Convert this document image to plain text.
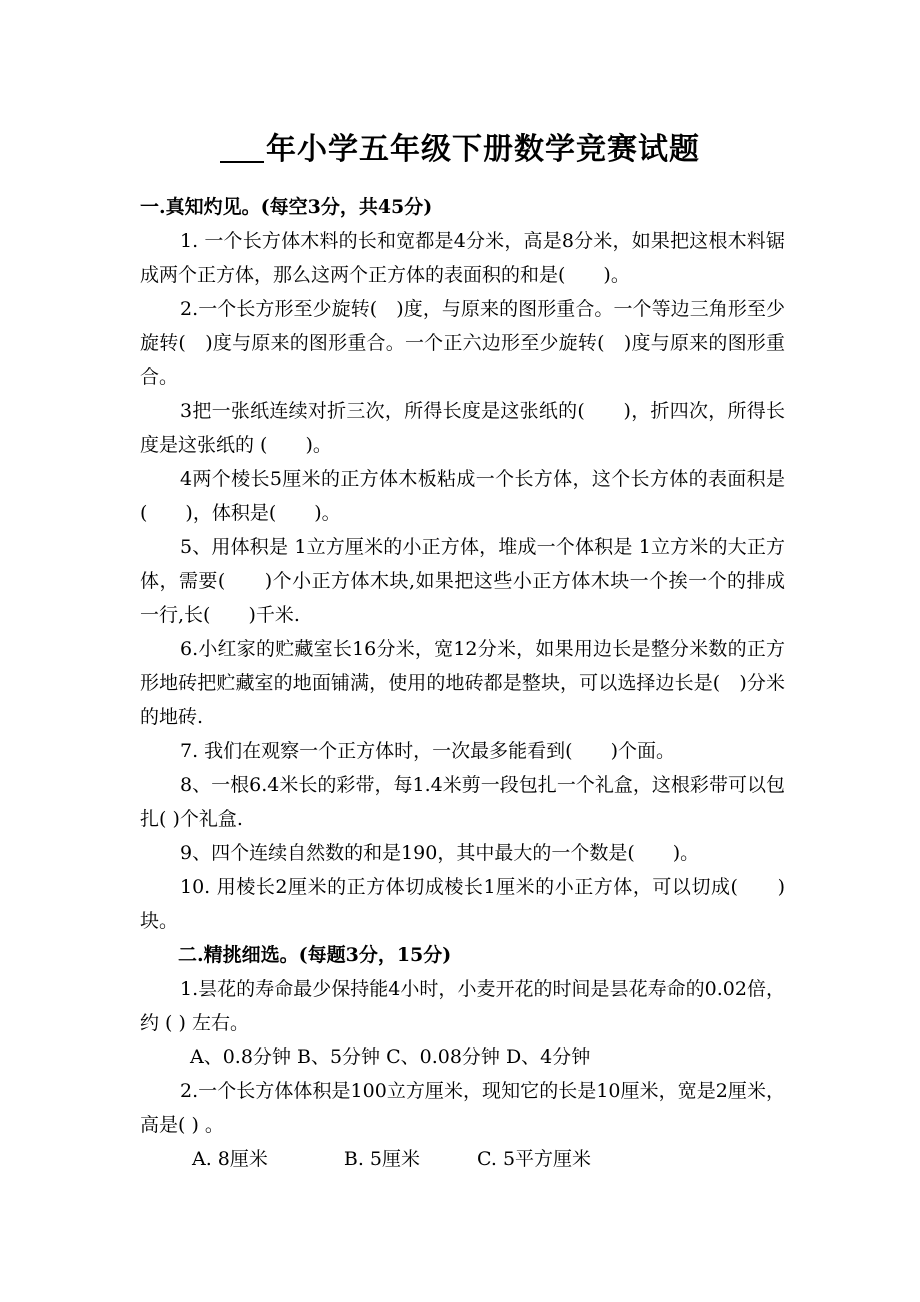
年小学五年级下册数学竞赛试题

一.真知灼见。(每空3分，共45分)

1. 一个长方体木料的长和宽都是4分米，高是8分米，如果把这根木料锯成两个正方体，那么这两个正方体的表面积的和是(　　)。

2.一个长方形至少旋转(　)度，与原来的图形重合。一个等边三角形至少旋转(　)度与原来的图形重合。一个正六边形至少旋转(　)度与原来的图形重合。

3把一张纸连续对折三次，所得长度是这张纸的(　　)，折四次，所得长度是这张纸的 (　　)。

4两个棱长5厘米的正方体木板粘成一个长方体，这个长方体的表面积是(　　)，体积是(　　)。

5、用体积是 1立方厘米的小正方体，堆成一个体积是 1立方米的大正方体，需要(　　)个小正方体木块,如果把这些小正方体木块一个挨一个的排成一行,长(　　)千米.

6.小红家的贮藏室长16分米，宽12分米，如果用边长是整分米数的正方形地砖把贮藏室的地面铺满，使用的地砖都是整块，可以选择边长是(　)分米的地砖.

7. 我们在观察一个正方体时，一次最多能看到(　　)个面。

8、一根6.4米长的彩带，每1.4米剪一段包扎一个礼盒，这根彩带可以包扎( )个礼盒.

9、四个连续自然数的和是190，其中最大的一个数是(　　)。

10. 用棱长2厘米的正方体切成棱长1厘米的小正方体，可以切成(　　)块。

二.精挑细选。(每题3分，15分)

1.昙花的寿命最少保持能4小时，小麦开花的时间是昙花寿命的0.02倍，约 ( ) 左右。

A、0.8分钟 B、5分钟 C、0.08分钟 D、4分钟

2.一个长方体体积是100立方厘米，现知它的长是10厘米，宽是2厘米，高是( ) 。

A. 8厘米　　　　B. 5厘米　　　C. 5平方厘米
